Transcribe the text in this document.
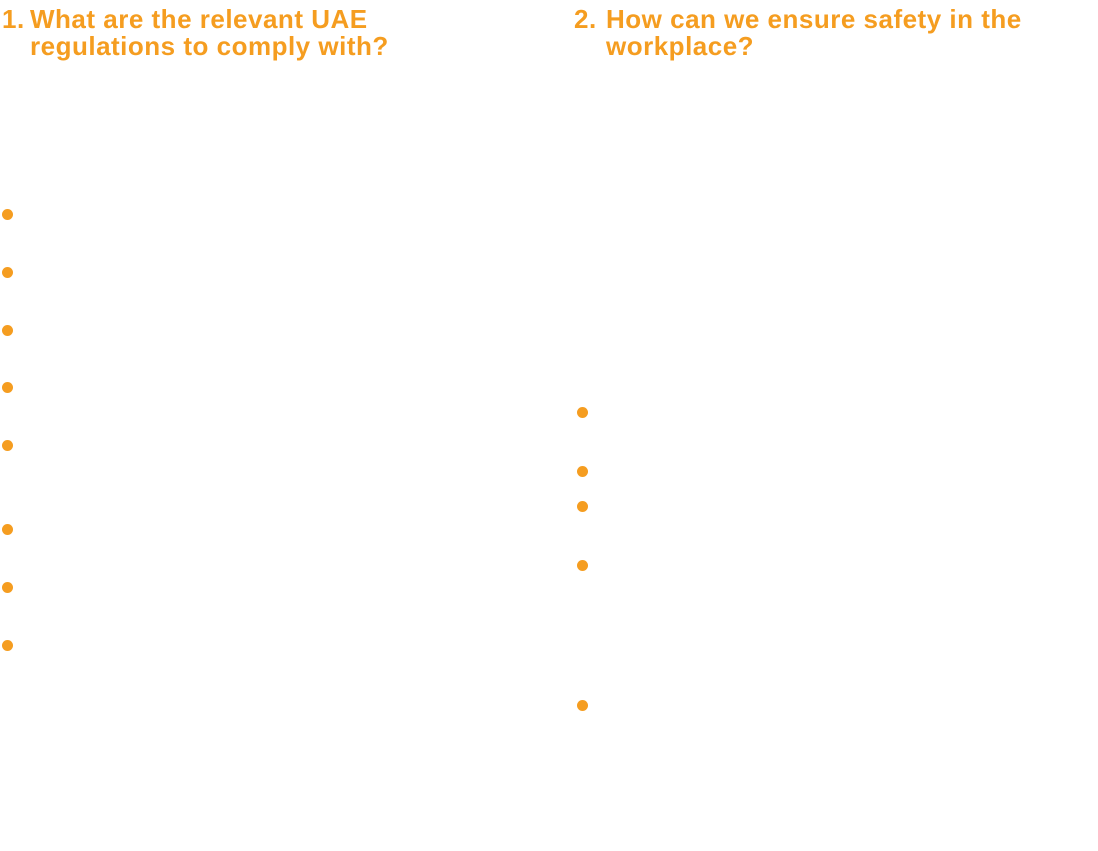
1. What are the relevant UAE regulations to comply with?
2. How can we ensure safety in the workplace?
